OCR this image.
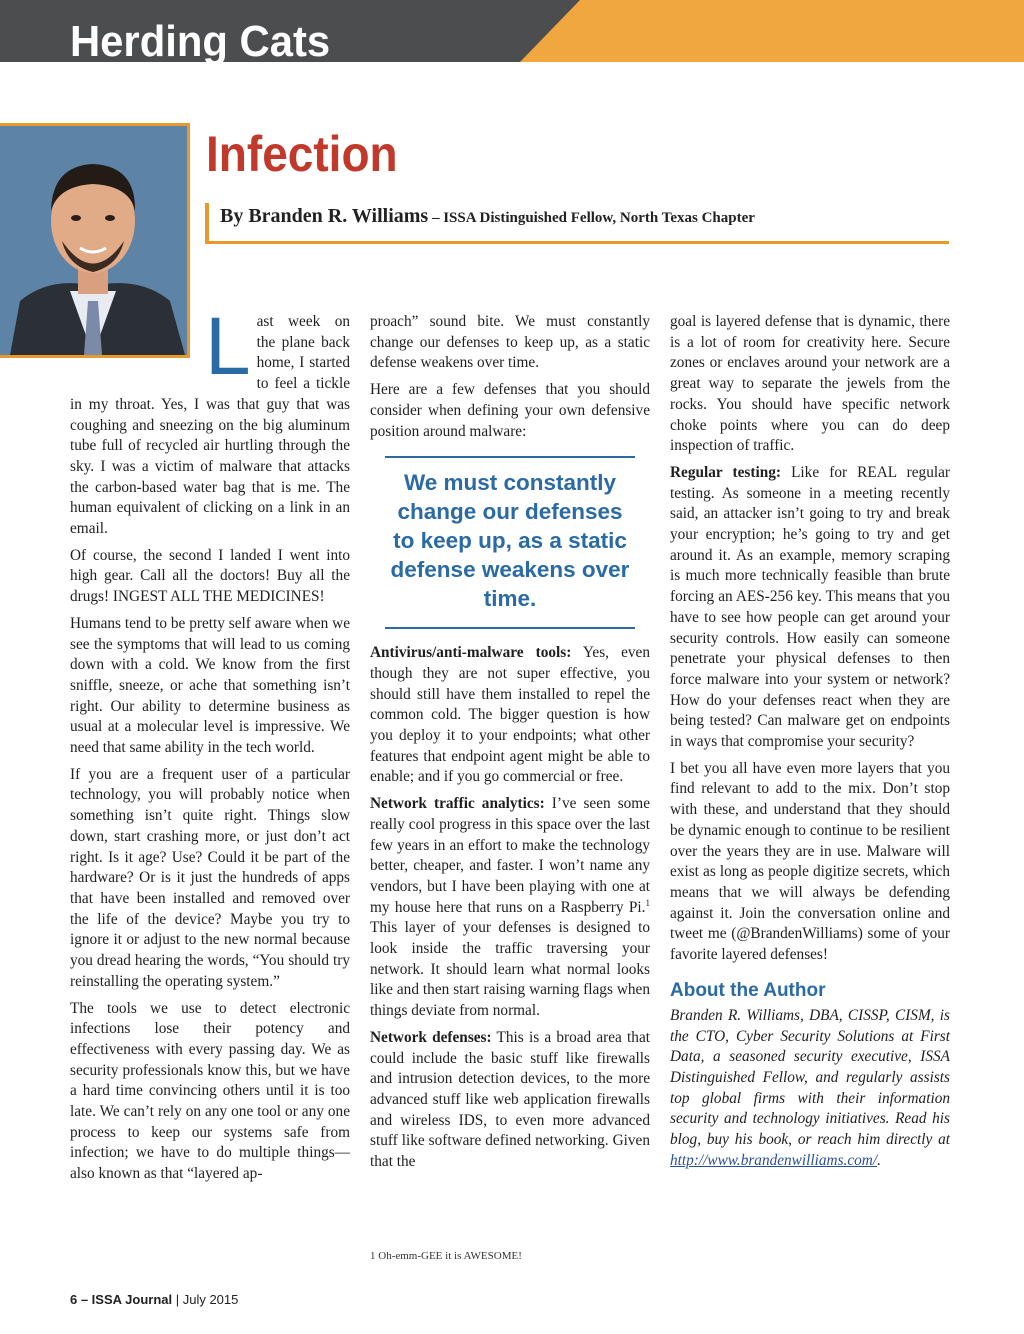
Herding Cats
Infection
By Branden R. Williams – ISSA Distinguished Fellow, North Texas Chapter

Last week on the plane back home, I started to feel a tickle in my throat. Yes, I was that guy that was coughing and sneezing on the big aluminum tube full of recycled air hurtling through the sky. I was a victim of malware that attacks the carbon-based water bag that is me. The human equivalent of clicking on a link in an email.

Of course, the second I landed I went into high gear. Call all the doctors! Buy all the drugs! INGEST ALL THE MEDICINES!

Humans tend to be pretty self aware when we see the symptoms that will lead to us coming down with a cold. We know from the first sniffle, sneeze, or ache that something isn’t right. Our ability to determine business as usual at a molecular level is impressive. We need that same ability in the tech world.

If you are a frequent user of a particular technology, you will probably notice when something isn’t quite right. Things slow down, start crashing more, or just don’t act right. Is it age? Use? Could it be part of the hardware? Or is it just the hundreds of apps that have been installed and removed over the life of the device? Maybe you try to ignore it or adjust to the new normal because you dread hearing the words, “You should try reinstalling the operating system.”

The tools we use to detect electronic infections lose their potency and effectiveness with every passing day. We as security professionals know this, but we have a hard time convincing others until it is too late. We can’t rely on any one tool or any one process to keep our systems safe from infection; we have to do multiple things—also known as that “layered ap-

proach” sound bite. We must constantly change our defenses to keep up, as a static defense weakens over time.

Here are a few defenses that you should consider when defining your own defensive position around malware:

We must constantly change our defenses to keep up, as a static defense weakens over time.

Antivirus/anti-malware tools: Yes, even though they are not super effective, you should still have them installed to repel the common cold. The bigger question is how you deploy it to your endpoints; what other features that endpoint agent might be able to enable; and if you go commercial or free.

Network traffic analytics: I’ve seen some really cool progress in this space over the last few years in an effort to make the technology better, cheaper, and faster. I won’t name any vendors, but I have been playing with one at my house here that runs on a Raspberry Pi.$^1$ This layer of your defenses is designed to look inside the traffic traversing your network. It should learn what normal looks like and then start raising warning flags when things deviate from normal.

Network defenses: This is a broad area that could include the basic stuff like firewalls and intrusion detection devices, to the more advanced stuff like web application firewalls and wireless IDS, to even more advanced stuff like software defined networking. Given that the

goal is layered defense that is dynamic, there is a lot of room for creativity here. Secure zones or enclaves around your network are a great way to separate the jewels from the rocks. You should have specific network choke points where you can do deep inspection of traffic.

Regular testing: Like for REAL regular testing. As someone in a meeting recently said, an attacker isn’t going to try and break your encryption; he’s going to try and get around it. As an example, memory scraping is much more technically feasible than brute forcing an AES-256 key. This means that you have to see how people can get around your security controls. How easily can someone penetrate your physical defenses to then force malware into your system or network? How do your defenses react when they are being tested? Can malware get on endpoints in ways that compromise your security?

I bet you all have even more layers that you find relevant to add to the mix. Don’t stop with these, and understand that they should be dynamic enough to continue to be resilient over the years they are in use. Malware will exist as long as people digitize secrets, which means that we will always be defending against it. Join the conversation online and tweet me (@BrandenWilliams) some of your favorite layered defenses!

About the Author

Branden R. Williams, DBA, CISSP, CISM, is the CTO, Cyber Security Solutions at First Data, a seasoned security executive, ISSA Distinguished Fellow, and regularly assists top global firms with their information security and technology initiatives. Read his blog, buy his book, or reach him directly at http://www.brandenwilliams.com/.

1 Oh-emm-GEE it is AWESOME!
6 – ISSA Journal | July 2015
